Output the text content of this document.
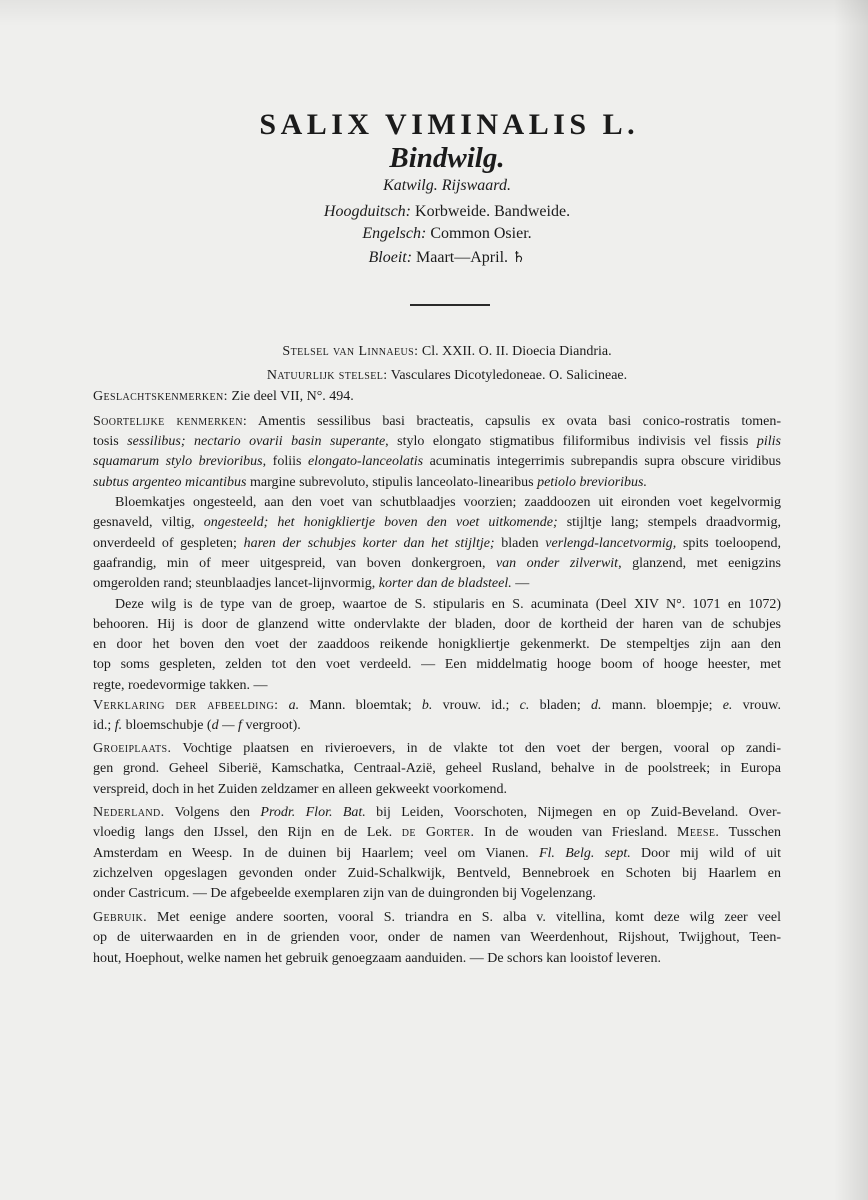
SALIX VIMINALIS L.
Bindwilg.
Katwilg. Rijswaard.
Hoogduitsch: Korbweide. Bandweide.
Engelsch: Common Osier.
Bloeit: Maart—April. ♄
Stelsel van Linnaeus: Cl. XXII. O. II. Dioecia Diandria.
Natuurlijk stelsel: Vasculares Dicotyledoneae. O. Salicineae.
Geslachtskenmerken: Zie deel VII, N°. 494.
Soortelijke kenmerken: Amentis sessilibus basi bracteatis, capsulis ex ovata basi conico-rostratis tomen-
tosis sessilibus; nectario ovarii basin superante, stylo elongato stigmatibus filiformibus indivisis vel fissis pilis
squamarum stylo brevioribus, foliis elongato-lanceolatis acuminatis integerrimis subrepandis supra obscure viridibus
subtus argenteo micantibus margine subrevoluto, stipulis lanceolato-linearibus petiolo brevioribus.
Bloemkatjes ongesteeld, aan den voet van schutblaadjes voorzien; zaaddoozen uit eironden voet kegelvormig
gesnaveld, viltig, ongesteeld; het honigkliertje boven den voet uitkomende; stijltje lang; stempels draadvormig,
onverdeeld of gespleten; haren der schubjes korter dan het stijltje; bladen verlengd-lancetvormig, spits toeloopend,
gaafrandig, min of meer uitgespreid, van boven donkergroen, van onder zilverwit, glanzend, met eenigzins
omgerolden rand; steunblaadjes lancet-lijnvormig, korter dan de bladsteel. —
Deze wilg is de type van de groep, waartoe de S. stipularis en S. acuminata (Deel XIV N°. 1071 en 1072)
behooren. Hij is door de glanzend witte ondervlakte der bladen, door de kortheid der haren van de schubjes
en door het boven den voet der zaaddoos reikende honigkliertje gekenmerkt. De stempeltjes zijn aan den
top soms gespleten, zelden tot den voet verdeeld. — Een middelmatig hooge boom of hooge heester, met
regte, roedevormige takken. —
Verklaring der afbeelding: a. Mann. bloemtak; b. vrouw. id.; c. bladen; d. mann. bloempje; e. vrouw.
id.; f. bloemschubje (d — f vergroot).
Groeiplaats. Vochtige plaatsen en rivieroevers, in de vlakte tot den voet der bergen, vooral op zandi-
gen grond. Geheel Siberië, Kamschatka, Centraal-Azië, geheel Rusland, behalve in de poolstreek; in Europa
verspreid, doch in het Zuiden zeldzamer en alleen gekweekt voorkomend.
Nederland. Volgens den Prodr. Flor. Bat. bij Leiden, Voorschoten, Nijmegen en op Zuid-Beveland. Over-
vloedig langs den IJssel, den Rijn en de Lek. de Gorter. In de wouden van Friesland. Meese. Tusschen
Amsterdam en Weesp. In de duinen bij Haarlem; veel om Vianen. Fl. Belg. sept. Door mij wild of uit
zichzelven opgeslagen gevonden onder Zuid-Schalkwijk, Bentveld, Bennebroek en Schoten bij Haarlem en
onder Castricum. — De afgebeelde exemplaren zijn van de duingronden bij Vogelenzang.
Gebruik. Met eenige andere soorten, vooral S. triandra en S. alba v. vitellina, komt deze wilg zeer veel
op de uiterwaarden en in de grienden voor, onder de namen van Weerdenhout, Rijshout, Twijghout, Teen-
hout, Hoephout, welke namen het gebruik genoegzaam aanduiden. — De schors kan looistof leveren.
